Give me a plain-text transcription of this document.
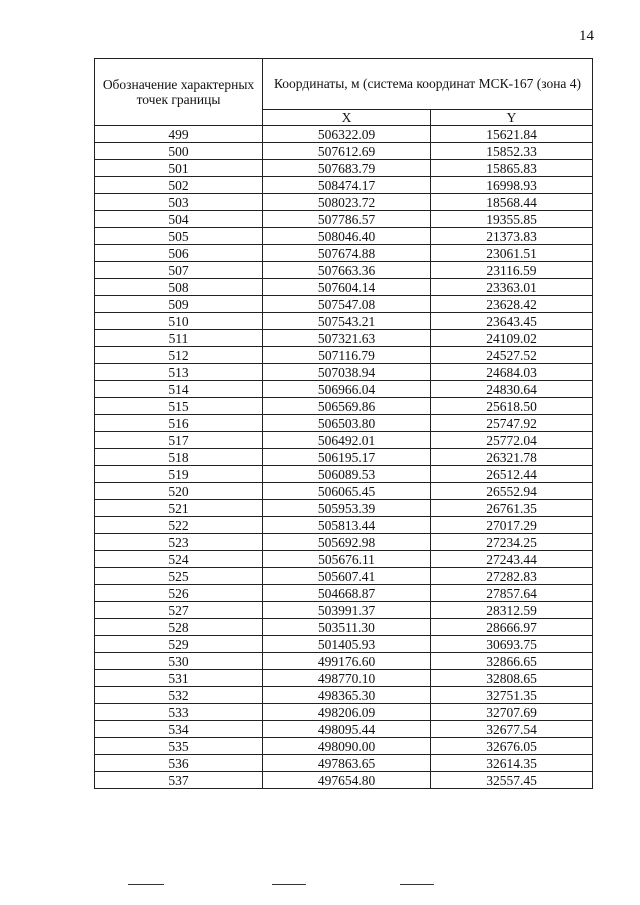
14
Обозначение характерных точек границы	Координаты, м (система координат МСК-167 (зона 4)	
	X	Y
499	506322.09	15621.84
500	507612.69	15852.33
501	507683.79	15865.83
502	508474.17	16998.93
503	508023.72	18568.44
504	507786.57	19355.85
505	508046.40	21373.83
506	507674.88	23061.51
507	507663.36	23116.59
508	507604.14	23363.01
509	507547.08	23628.42
510	507543.21	23643.45
511	507321.63	24109.02
512	507116.79	24527.52
513	507038.94	24684.03
514	506966.04	24830.64
515	506569.86	25618.50
516	506503.80	25747.92
517	506492.01	25772.04
518	506195.17	26321.78
519	506089.53	26512.44
520	506065.45	26552.94
521	505953.39	26761.35
522	505813.44	27017.29
523	505692.98	27234.25
524	505676.11	27243.44
525	505607.41	27282.83
526	504668.87	27857.64
527	503991.37	28312.59
528	503511.30	28666.97
529	501405.93	30693.75
530	499176.60	32866.65
531	498770.10	32808.65
532	498365.30	32751.35
533	498206.09	32707.69
534	498095.44	32677.54
535	498090.00	32676.05
536	497863.65	32614.35
537	497654.80	32557.45
